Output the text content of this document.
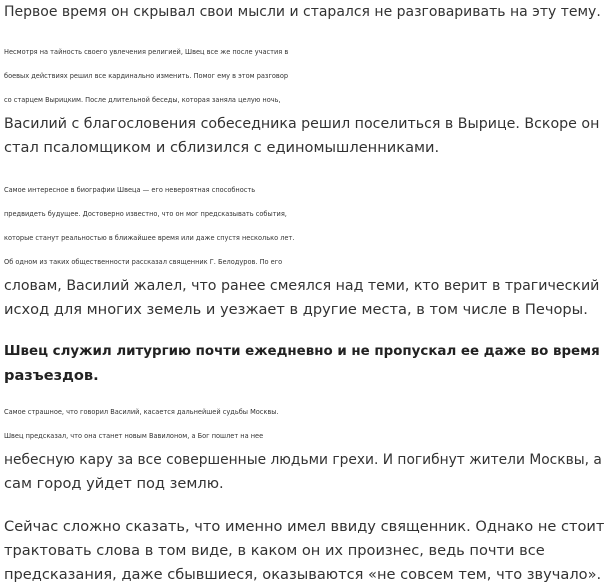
Первое время он скрывал свои мысли и старался не разговаривать на эту тему.

Несмотря на тайность своего увлечения религией, Швец все же после участия в
боевых действиях решил все кардинально изменить. Помог ему в этом разговор
со старцем Вырицким. После длительной беседы, которая заняла целую ночь,
Василий с благословения собеседника решил поселиться в Вырице. Вскоре он
стал псаломщиком и сблизился с единомышленниками.

Самое интересное в биографии Швеца — его невероятная способность
предвидеть будущее. Достоверно известно, что он мог предсказывать события,
которые станут реальностью в ближайшее время или даже спустя несколько лет.
Об одном из таких общественности рассказал священник Г. Белодуров. По его
словам, Василий жалел, что ранее смеялся над теми, кто верит в трагический
исход для многих земель и уезжает в другие места, в том числе в Печоры.

Швец служил литургию почти ежедневно и не пропускал ее даже во время
разъездов.

Самое страшное, что говорил Василий, касается дальнейшей судьбы Москвы.
Швец предсказал, что она станет новым Вавилоном, а Бог пошлет на нее
небесную кару за все совершенные людьми грехи. И погибнут жители Москвы, а
сам город уйдет под землю.

Сейчас сложно сказать, что именно имел ввиду священник. Однако не стоит
трактовать слова в том виде, в каком он их произнес, ведь почти все
предсказания, даже сбывшиеся, оказываются «не совсем тем, что звучало».
